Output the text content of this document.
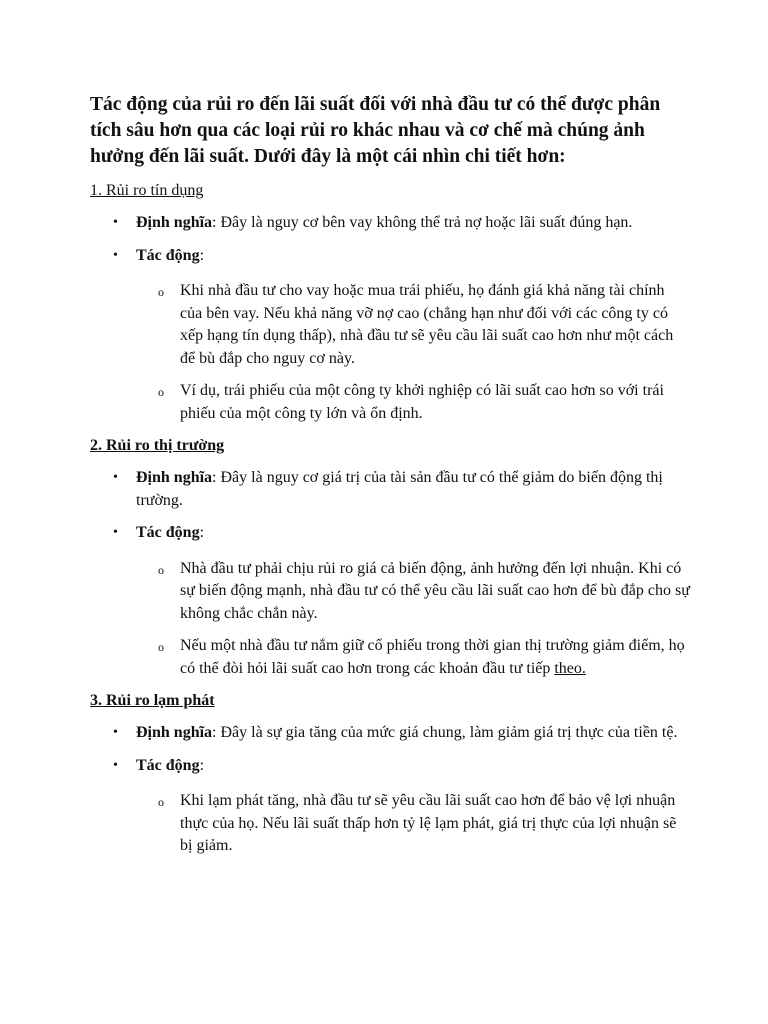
Tác động của rủi ro đến lãi suất đối với nhà đầu tư có thể được phân tích sâu hơn qua các loại rủi ro khác nhau và cơ chế mà chúng ảnh hưởng đến lãi suất. Dưới đây là một cái nhìn chi tiết hơn:

1. Rủi ro tín dụng

• Định nghĩa: Đây là nguy cơ bên vay không thể trả nợ hoặc lãi suất đúng hạn.
• Tác động:
o Khi nhà đầu tư cho vay hoặc mua trái phiếu, họ đánh giá khả năng tài chính của bên vay. Nếu khả năng vỡ nợ cao (chẳng hạn như đối với các công ty có xếp hạng tín dụng thấp), nhà đầu tư sẽ yêu cầu lãi suất cao hơn như một cách để bù đắp cho nguy cơ này.
o Ví dụ, trái phiếu của một công ty khởi nghiệp có lãi suất cao hơn so với trái phiếu của một công ty lớn và ổn định.

2. Rủi ro thị trường

• Định nghĩa: Đây là nguy cơ giá trị của tài sản đầu tư có thể giảm do biến động thị trường.
• Tác động:
o Nhà đầu tư phải chịu rủi ro giá cả biến động, ảnh hưởng đến lợi nhuận. Khi có sự biến động mạnh, nhà đầu tư có thể yêu cầu lãi suất cao hơn để bù đắp cho sự không chắc chắn này.
o Nếu một nhà đầu tư nắm giữ cổ phiếu trong thời gian thị trường giảm điểm, họ có thể đòi hỏi lãi suất cao hơn trong các khoản đầu tư tiếp theo.

3. Rủi ro lạm phát

• Định nghĩa: Đây là sự gia tăng của mức giá chung, làm giảm giá trị thực của tiền tệ.
• Tác động:
o Khi lạm phát tăng, nhà đầu tư sẽ yêu cầu lãi suất cao hơn để bảo vệ lợi nhuận thực của họ. Nếu lãi suất thấp hơn tỷ lệ lạm phát, giá trị thực của lợi nhuận sẽ bị giảm.
